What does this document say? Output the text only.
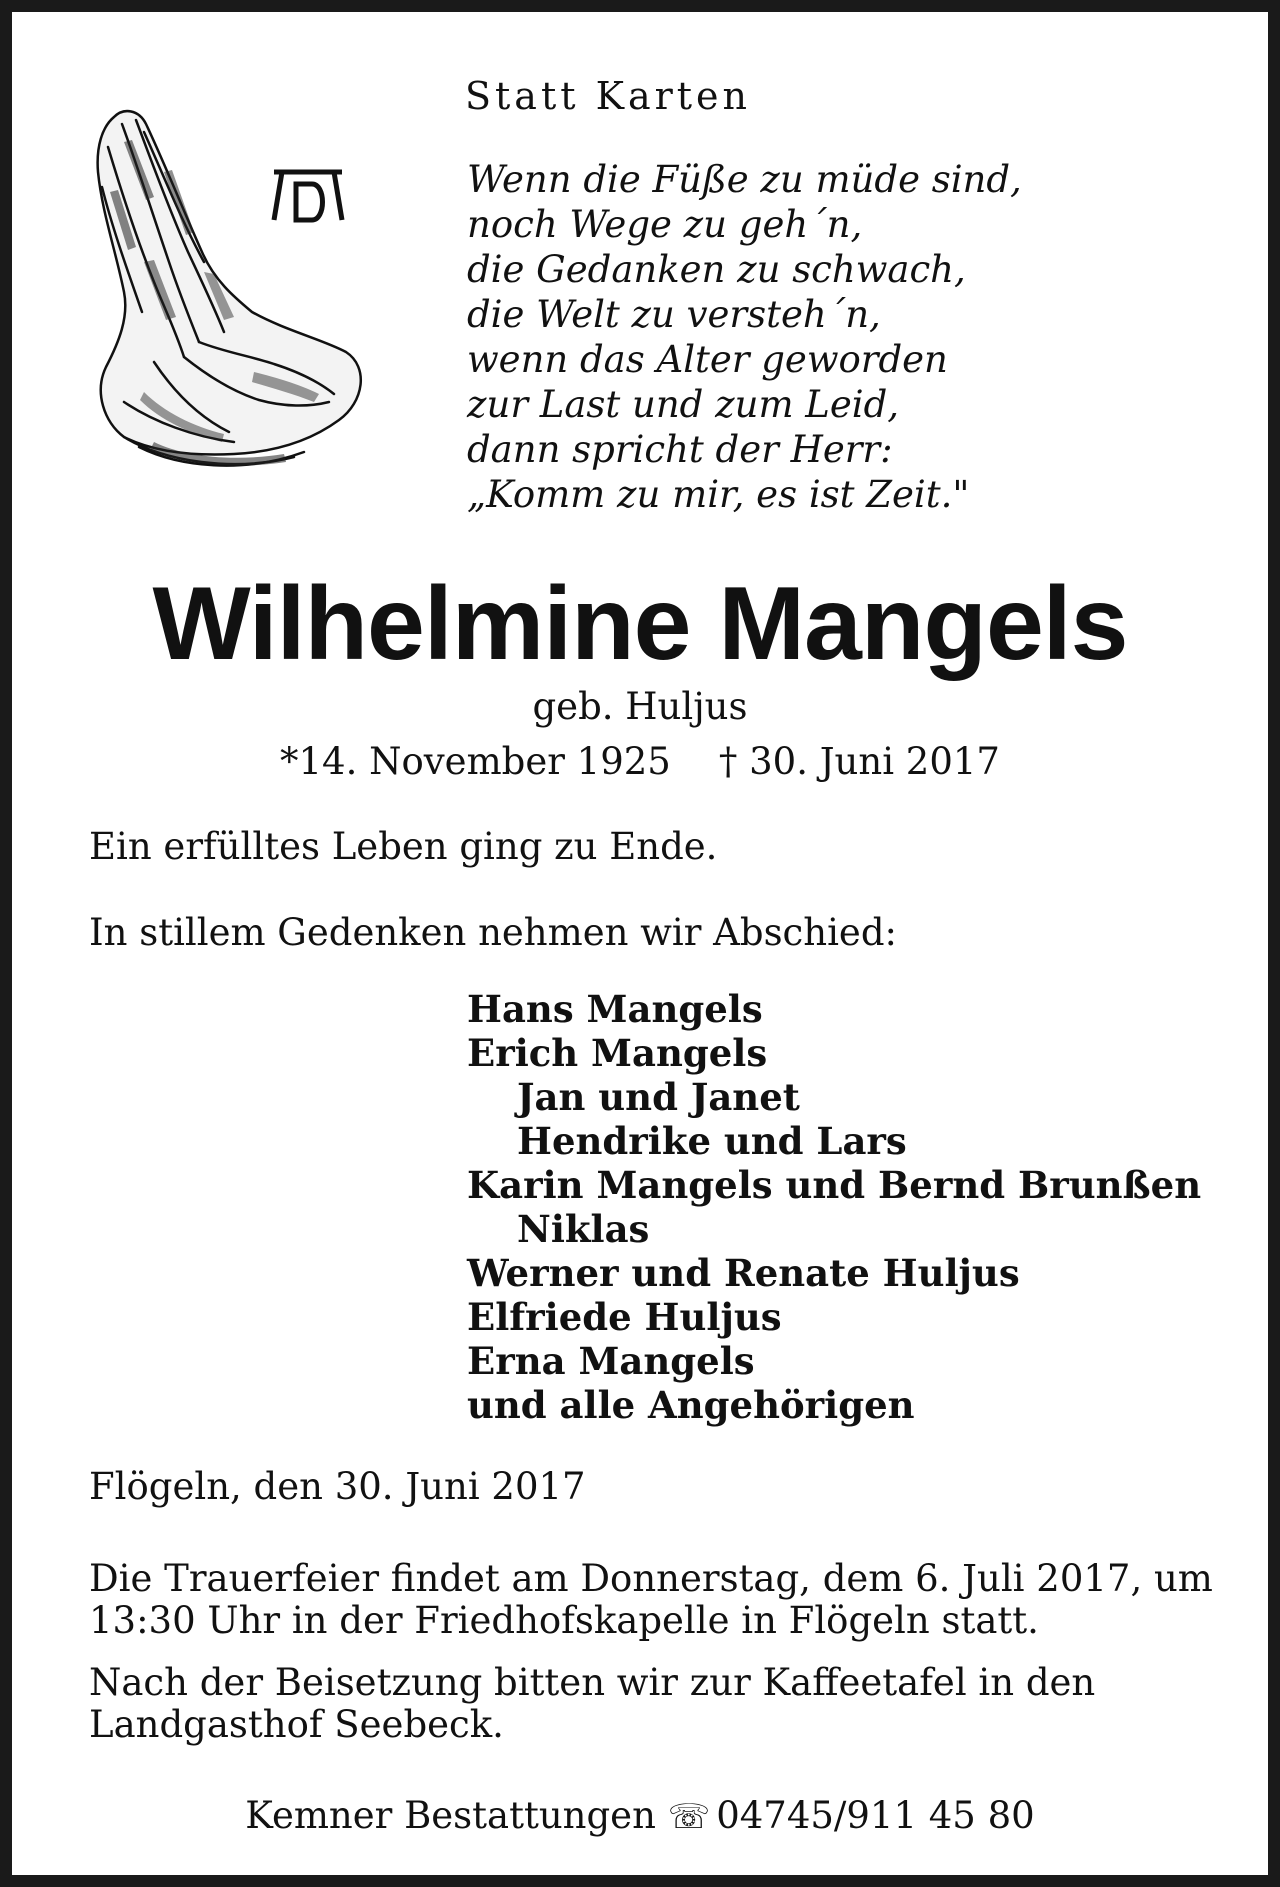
Statt Karten

Wenn die Füße zu müde sind,
noch Wege zu geh´n,
die Gedanken zu schwach,
die Welt zu versteh´n,
wenn das Alter geworden
zur Last und zum Leid,
dann spricht der Herr:
„Komm zu mir, es ist Zeit."
Wilhelmine Mangels
geb. Huljus
*14. November 1925 † 30. Juni 2017

Ein erfülltes Leben ging zu Ende.

In stillem Gedenken nehmen wir Abschied:

Hans Mangels
Erich Mangels
Jan und Janet
Hendrike und Lars
Karin Mangels und Bernd Brunßen
Niklas
Werner und Renate Huljus
Elfriede Huljus
Erna Mangels
und alle Angehörigen

Flögeln, den 30. Juni 2017

Die Trauerfeier findet am Donnerstag, dem 6. Juli 2017, um 13:30 Uhr in der Friedhofskapelle in Flögeln statt.

Nach der Beisetzung bitten wir zur Kaffeetafel in den Landgasthof Seebeck.

Kemner Bestattungen ☏ 04745/911 45 80
